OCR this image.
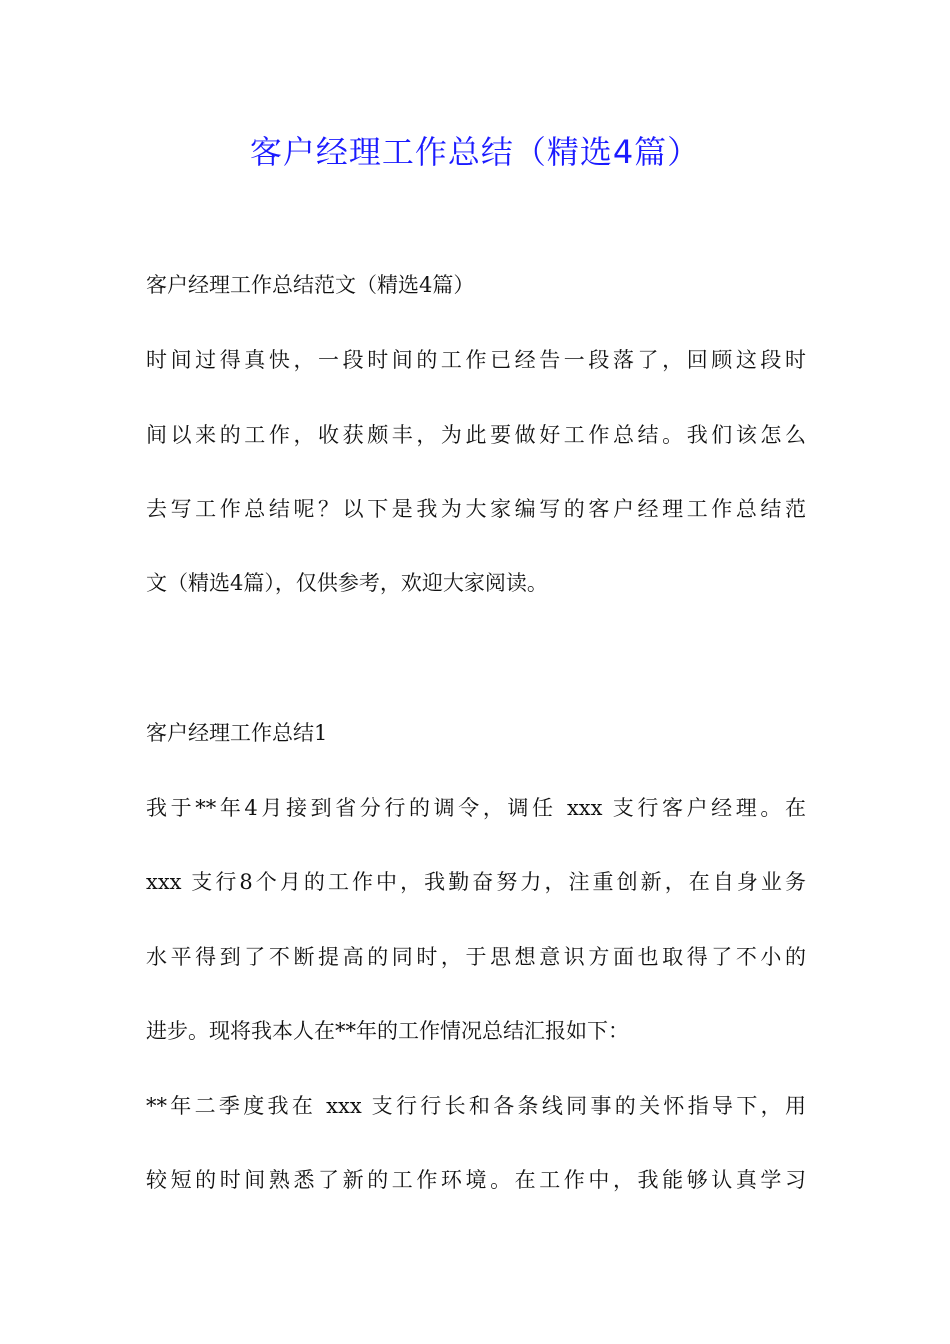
客户经理工作总结（精选4篇）
客户经理工作总结范文（精选4篇）
时间过得真快，一段时间的工作已经告一段落了，回顾这段时
间以来的工作，收获颇丰，为此要做好工作总结。我们该怎么
去写工作总结呢？以下是我为大家编写的客户经理工作总结范
文（精选4篇），仅供参考，欢迎大家阅读。
客户经理工作总结1
我于**年4月接到省分行的调令，调任 xxx 支行客户经理。在
xxx 支行8个月的工作中，我勤奋努力，注重创新，在自身业务
水平得到了不断提高的同时，于思想意识方面也取得了不小的
进步。现将我本人在**年的工作情况总结汇报如下：
**年二季度我在 xxx 支行行长和各条线同事的关怀指导下，用
较短的时间熟悉了新的工作环境。在工作中，我能够认真学习
